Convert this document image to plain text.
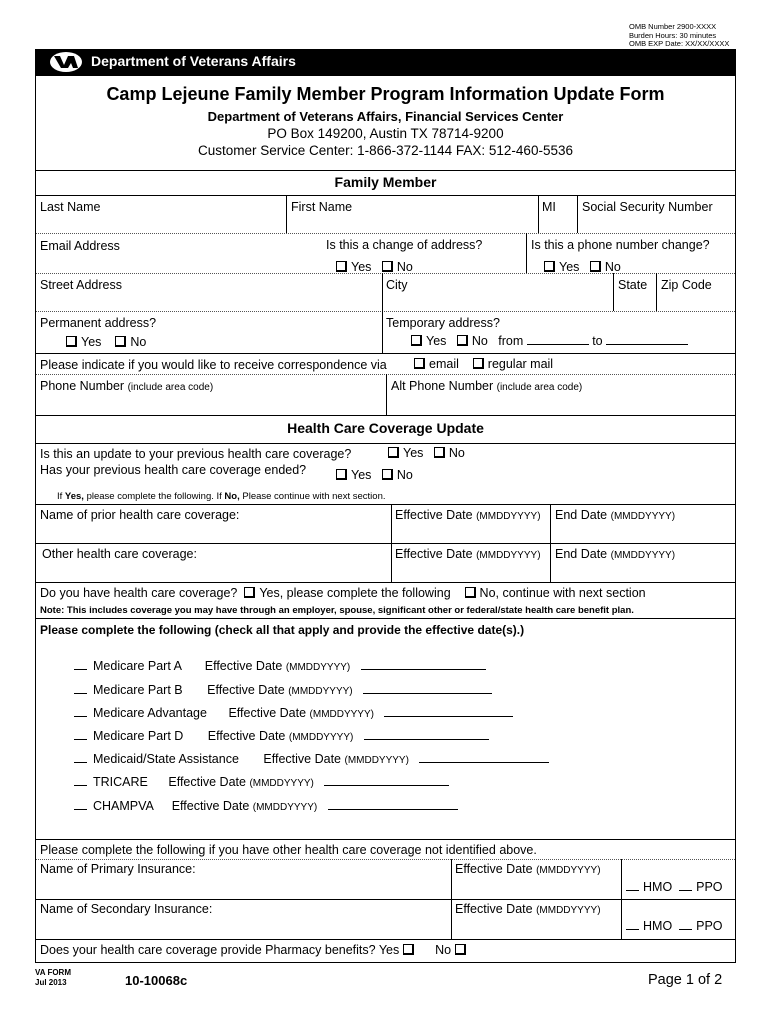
OMB Number 2900-XXXX
Burden Hours: 30 minutes
OMB EXP Date: XX/XX/XXXX
Department of Veterans Affairs
Camp Lejeune Family Member Program Information Update Form
Department of Veterans Affairs, Financial Services Center
PO Box 149200, Austin TX 78714-9200
Customer Service Center: 1-866-372-1144 FAX: 512-460-5536
Family Member
Last Name	First Name	MI Social Security Number
Email Address	Is this a change of address?	Is this a phone number change?
Yes No	Yes No
Street Address	City	State Zip Code
Permanent address?	Temporary address?
Yes No	Yes No from	to
Please indicate if you would like to receive correspondence via	email regular mail
Phone Number (include area code)	Alt Phone Number (include area code)
Health Care Coverage Update
Is this an update to your previous health care coverage?	Yes No
Has your previous health care coverage ended?	Yes No
If Yes, please complete the following. If No, Please continue with next section.
Name of prior health care coverage:	Effective Date (MMDDYYYY) End Date (MMDDYYYY)
Other health care coverage:	Effective Date (MMDDYYYY) End Date (MMDDYYYY)
Do you have health care coverage? Yes, please complete the following No, continue with next section
Note: This includes coverage you may have through an employer, spouse, significant other or federal/state health care benefit plan.
Please complete the following (check all that apply and provide the effective date(s).)
Medicare Part A Effective Date (MMDDYYYY)
Medicare Part B Effective Date (MMDDYYYY)
Medicare Advantage Effective Date (MMDDYYYY)
Medicare Part D Effective Date (MMDDYYYY)
Medicaid/State Assistance Effective Date (MMDDYYYY)
TRICARE Effective Date (MMDDYYYY)
CHAMPVA Effective Date (MMDDYYYY)
Please complete the following if you have other health care coverage not identified above.
Name of Primary Insurance:	Effective Date (MMDDYYYY)
HMO PPO
Name of Secondary Insurance:	Effective Date (MMDDYYYY)
HMO PPO
Does your health care coverage provide Pharmacy benefits? Yes	No
VA FORM
Jul 2013	10-10068c	Page 1 of 2
